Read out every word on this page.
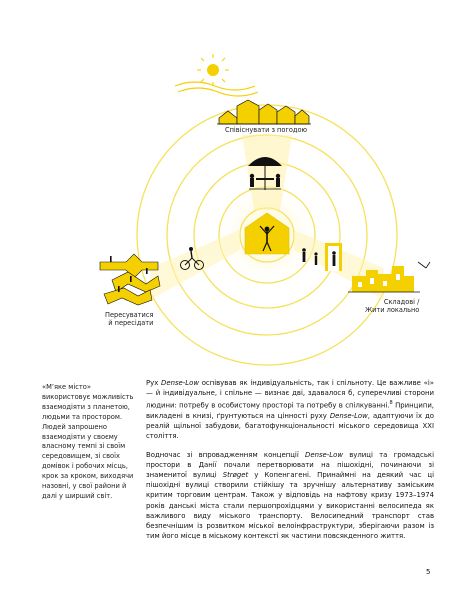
Співіснувати з погодою
Пересуватися
й пересідати
Складові /
Жити локально

«М’яке місто» використовує можливість взаємодіяти з планетою, людьми та простором. Людей запрошено взаємодіяти у своєму власному темпі зі своїм середовищем, зі своїх домівок і робочих місць, крок за кроком, виходячи назовні, у свої райони й далі у ширший світ.

Рух Dense-Low оспівував як індивідуальність, так і спільноту. Це важливе «і» — й індивідуальне, і спільне — визнає дві, здавалося б, суперечливі сторони людини: потребу в особистому просторі та потребу в спілкуванні.$^8$ Принципи, викладені в книзі, ґрунтуються на цінності руху Dense-Low, адаптуючи їх до реалій щільної забудови, багатофункціональності міського середовища XXI століття.

Водночас зі впровадженням концепції Dense-Low вулиці та громадські простори в Данії почали перетворювати на пішохідні, починаючи зі знаменитої вулиці Strøget у Копенгагені. Принаймні на деякий час ці пішохідні вулиці створили стійкішу та зручнішу альтернативу заміським критим торговим центрам. Також у відповідь на нафтову кризу 1973–1974 років данські міста стали першопрохідцями у використанні велосипеда як важливого виду міського транспорту. Велосипедний транспорт став безпечнішим із розвитком міської велоінфраструктури, зберігаючи разом із тим його місце в міському контексті як частини повсякденного життя.

5
